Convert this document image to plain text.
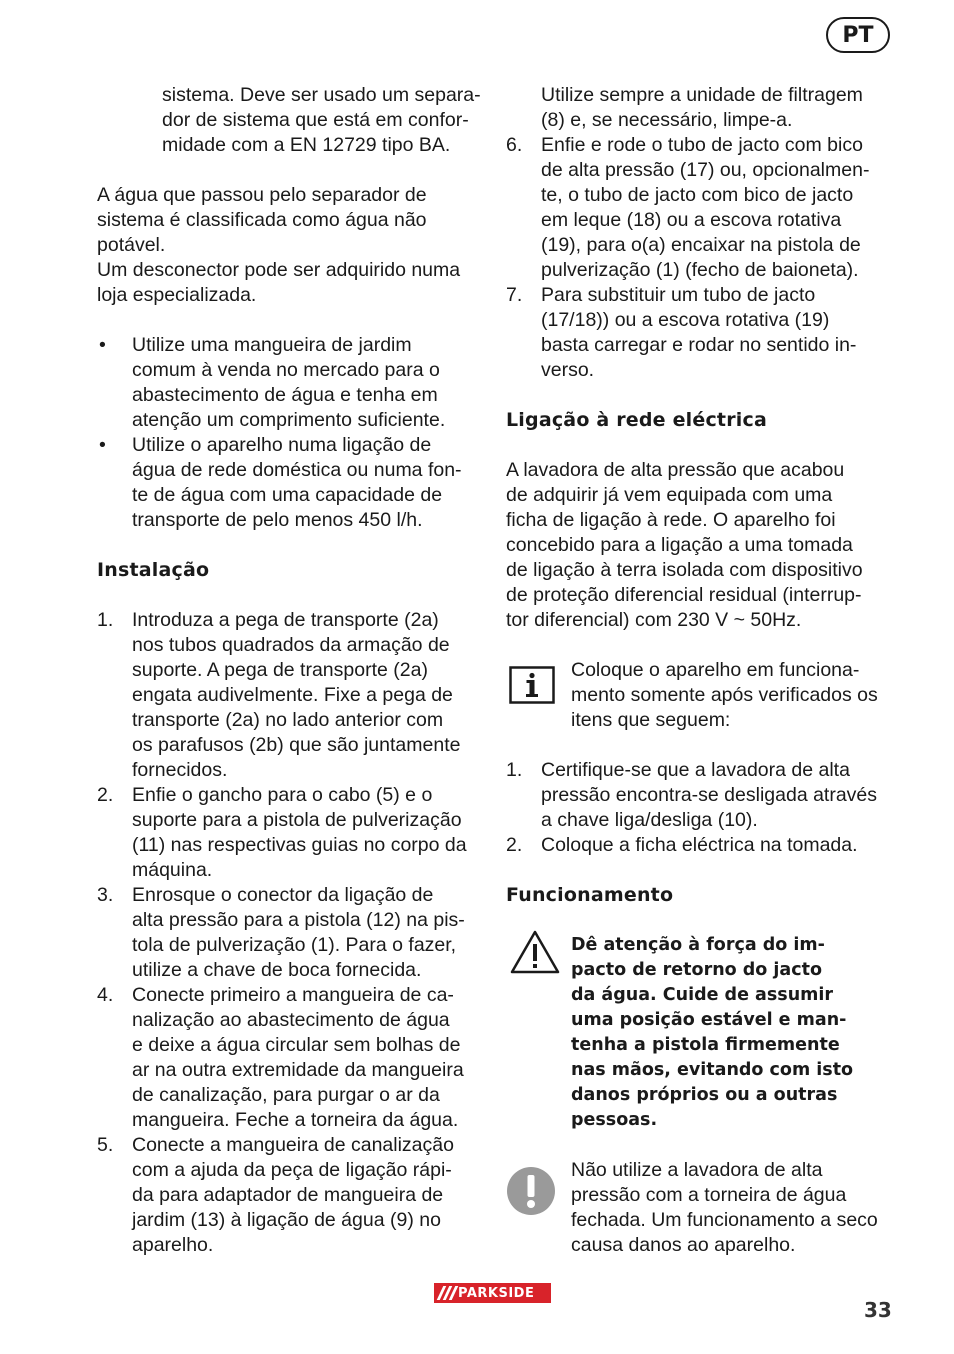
PT

sistema. Deve ser usado um separa-

dor de sistema que está em confor-

midade com a EN 12729 tipo BA.

A água que passou pelo separador de

sistema é classificada como água não

potável.

Um desconector pode ser adquirido numa

loja especializada.

• Utilize uma mangueira de jardim

comum à venda no mercado para o

abastecimento de água e tenha em

atenção um comprimento suficiente.

• Utilize o aparelho numa ligação de

água de rede doméstica ou numa fon-

te de água com uma capacidade de

transporte de pelo menos 450 l/h.

Instalação
1. Introduza a pega de transporte (2a)

nos tubos quadrados da armação de

suporte. A pega de transporte (2a)

engata audivelmente. Fixe a pega de

transporte (2a) no lado anterior com

os parafusos (2b) que são juntamente

fornecidos.

2. Enfie o gancho para o cabo (5) e o

suporte para a pistola de pulverização

(11) nas respectivas guias no corpo da

máquina.

3. Enrosque o conector da ligação de

alta pressão para a pistola (12) na pis-

tola de pulverização (1). Para o fazer,

utilize a chave de boca fornecida.

4. Conecte primeiro a mangueira de ca-

nalização ao abastecimento de água

e deixe a água circular sem bolhas de

ar na outra extremidade da mangueira

de canalização, para purgar o ar da

mangueira. Feche a torneira da água.

5. Conecte a mangueira de canalização

com a ajuda da peça de ligação rápi-

da para adaptador de mangueira de

jardim (13) à ligação de água (9) no

aparelho.

Utilize sempre a unidade de filtragem

(8) e, se necessário, limpe-a.

6. Enfie e rode o tubo de jacto com bico

de alta pressão (17) ou, opcionalmen-

te, o tubo de jacto com bico de jacto

em leque (18) ou a escova rotativa

(19), para o(a) encaixar na pistola de

pulverização (1) (fecho de baioneta).

7. Para substituir um tubo de jacto

(17/18)) ou a escova rotativa (19)

basta carregar e rodar no sentido in-

verso.

Ligação à rede eléctrica

A lavadora de alta pressão que acabou

de adquirir já vem equipada com uma

ficha de ligação à rede. O aparelho foi

concebido para a ligação a uma tomada

de ligação à terra isolada com dispositivo

de proteção diferencial residual (interrup-

tor diferencial) com 230 V ~ 50Hz.

Coloque o aparelho em funciona-

mento somente após verificados os

itens que seguem:

1. Certifique-se que a lavadora de alta

pressão encontra-se desligada através

a chave liga/desliga (10).

2. Coloque a ficha eléctrica na tomada.

Funcionamento

Dê atenção à força do im-

pacto de retorno do jacto

da água. Cuide de assumir

uma posição estável e man-

tenha a pistola firmemente

nas mãos, evitando com isto

danos próprios ou a outras

pessoas.

Não utilize a lavadora de alta

pressão com a torneira de água

fechada. Um funcionamento a seco

causa danos ao aparelho.

PARKSIDE
33
